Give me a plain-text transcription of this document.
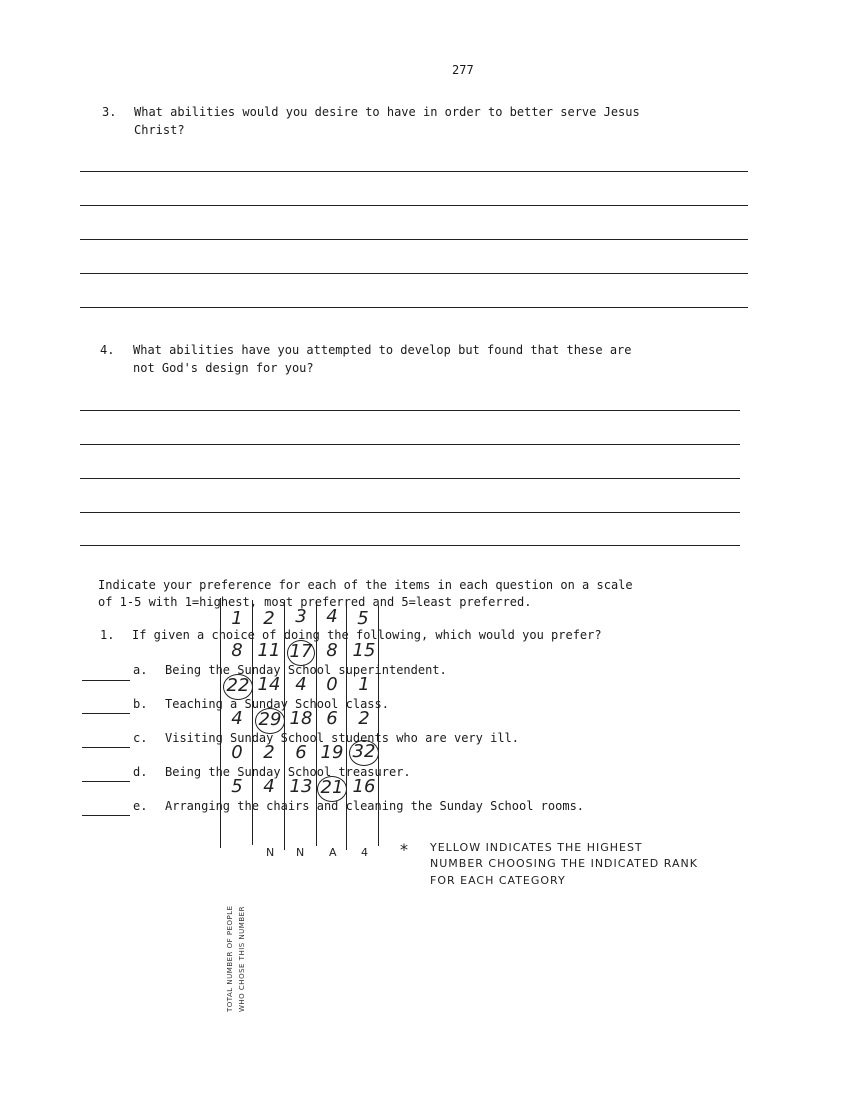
277
3. What abilities would you desire to have in order to better serve Jesus
Christ?
4. What abilities have you attempted to develop but found that these are
not God's design for you?
Indicate your preference for each of the items in each question on a scale
of 1-5 with 1=highest, most preferred and 5=least preferred.
1. If given a choice of doing the following, which would you prefer?
a. Being the Sunday School superintendent.
b. Teaching a Sunday School class.
c. Visiting Sunday School students who are very ill.
d. Being the Sunday School treasurer.
e. Arranging the chairs and cleaning the Sunday School rooms.
1	2	3	4	5
8 11 17 8 15
22 14 4	0	1
4 29 18 6	2
0	2	6 19 32
5	4 13 21 16
N N A 4 * YELLOW INDICATES THE HIGHEST
NUMBER CHOOSING THE INDICATED RANK
FOR EACH CATEGORY
TOTAL NUMBER OF PEOPLE WHO CHOSE THIS NUMBER
